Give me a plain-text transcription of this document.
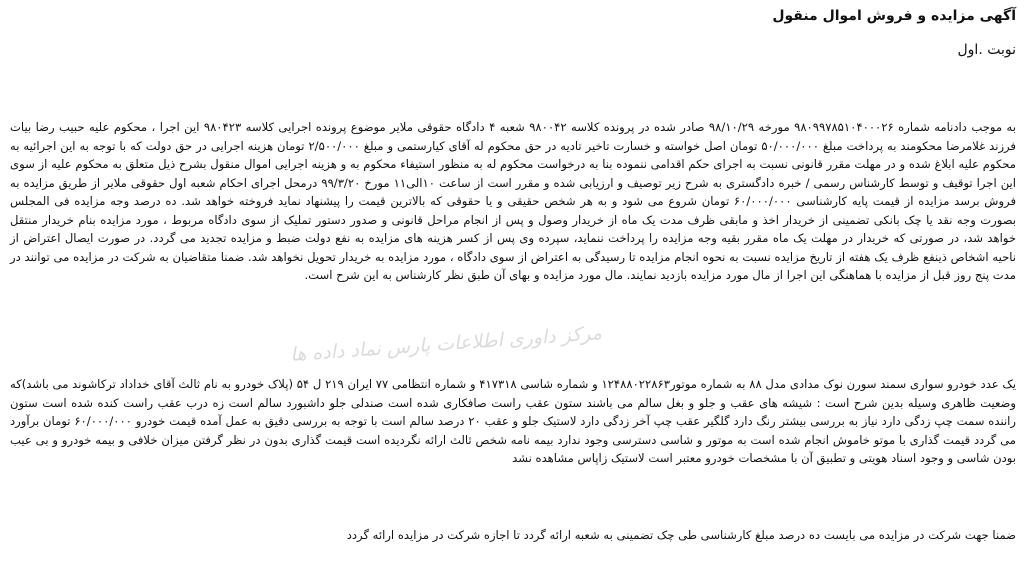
آگهی مزایده و فروش اموال منقول
نوبت .اول
به موجب دادنامه شماره ۹۸۰۹۹۷۸۵۱۰۴۰۰۰۲۶ مورخه ۹۸/۱۰/۲۹ صادر شده در پرونده کلاسه ۹۸۰۰۴۲ شعبه ۴ دادگاه حقوقی ملایر موضوع پرونده اجرایی کلاسه ۹۸۰۴۲۳ این اجرا ، محکوم علیه حبیب رضا بیات فرزند غلامرضا محکومند به پرداخت مبلغ ۵۰/۰۰۰/۰۰۰ تومان اصل خواسته و خسارت تاخیر تادیه در حق محکوم له آقای کیارستمی و مبلغ ۲/۵۰۰/۰۰۰ تومان هزینه اجرایی در حق دولت که با توجه به این اجرائیه به محکوم علیه ابلاغ شده و در مهلت مقرر قانونی نسبت به اجرای حکم اقدامی ننموده بنا به درخواست محکوم له به منظور استیفاء محکوم به و هزینه اجرایی اموال منقول بشرح ذیل متعلق به محکوم علیه از سوی این اجرا توقیف و توسط کارشناس رسمی / خبره دادگستری به شرح زیر توصیف و ارزیابی شده و مقرر است از ساعت ۱۰الی۱۱ مورخ ۹۹/۳/۲۰ درمحل اجرای احکام شعبه اول حقوقی ملایر از طریق مزایده به فروش برسد مزایده از قیمت پایه کارشناسی ۶۰/۰۰۰/۰۰۰ تومان شروع می شود و به هر شخص حقیقی و یا حقوقی که بالاترین قیمت را پیشنهاد نماید فروخته خواهد شد. ده درصد وجه مزایده فی المجلس بصورت وجه نقد یا چک بانکی تضمینی از خریدار اخذ و مابقی ظرف مدت یک ماه از خریدار وصول و پس از انجام مراحل قانونی و صدور دستور تملیک از سوی دادگاه مربوط ، مورد مزایده بنام خریدار منتقل خواهد شد، در صورتی که خریدار در مهلت یک ماه مقرر بقیه وجه مزایده را پرداخت ننماید، سپرده وی پس از کسر هزینه های مزایده به نفع دولت ضبط و مزایده تجدید می گردد. در صورت ایصال اعتراض از ناحیه اشخاص ذینفع ظرف یک هفته از تاریخ مزایده نسبت به نحوه انجام مزایده تا رسیدگی به اعتراض از سوی دادگاه ، مورد مزایده به خریدار تحویل نخواهد شد. ضمنا متقاضیان به شرکت در مزایده می توانند در مدت پنج روز قبل از مزایده با هماهنگی این اجرا از مال مورد مزایده بازدید نمایند. مال مورد مزایده و بهای آن طبق نظر کارشناس به این شرح است.
یک عدد خودرو سواری سمند سورن نوک مدادی مدل ۸۸ به شماره موتور۱۲۴۸۸۰۲۲۸۶۳ و شماره شاسی ۴۱۷۳۱۸ و شماره انتظامی ۷۷ ایران ۲۱۹ ل ۵۴ (پلاک خودرو به نام ثالث آقای خداداد ترکاشوند می باشد)که وضعیت ظاهری وسیله بدین شرح است : شیشه های عقب و جلو و بغل سالم می باشند ستون عقب راست صافکاری شده است صندلی جلو داشبورد سالم است زه درب عقب راست کنده شده است ستون راننده سمت چپ زدگی دارد نیاز به بررسی بیشتر رنگ دارد گلگیر عقب چپ آخر زدگی دارد لاستیک جلو و عقب ۲۰ درصد سالم است با توجه به بررسی دقیق به عمل آمده قیمت خودرو ۶۰/۰۰۰/۰۰۰ تومان برآورد می گردد قیمت گذاری با موتو خاموش انجام شده است به موتور و شاسی دسترسی وجود ندارد بیمه نامه شخص ثالث ارائه نگردیده است قیمت گذاری بدون در نظر گرفتن میزان خلافی و بیمه خودرو و بی عیب بودن شاسی و وجود اسناد هویتی و تطبیق آن با مشخصات خودرو معتبر است لاستیک زاپاس مشاهده نشد
ضمنا جهت شرکت در مزایده می بایست ده درصد مبلغ کارشناسی طی چک تضمینی به شعبه ارائه گردد تا اجازه شرکت در مزایده ارائه گردد
مرکز داوری اطلاعات پارس نماد داده ها
